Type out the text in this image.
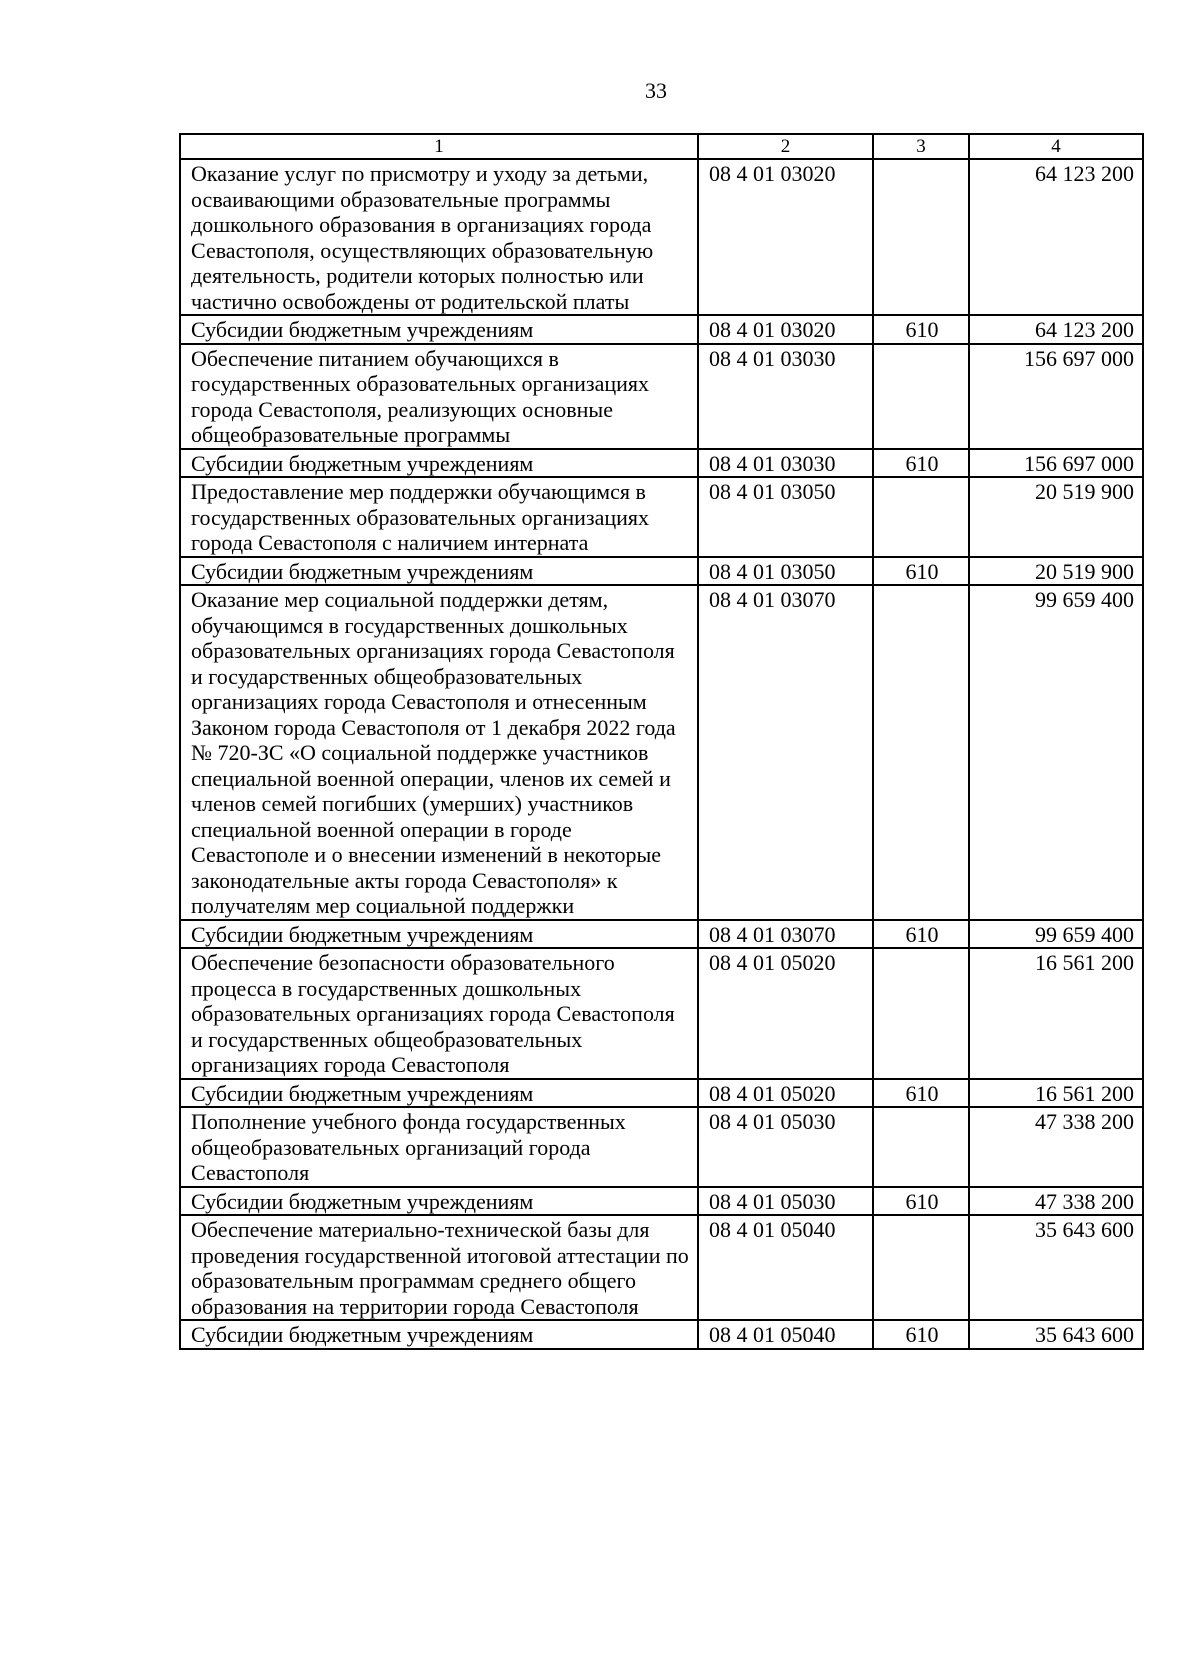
33
1	2	3	4
Оказание услуг по присмотру и уходу за детьми, осваивающими образовательные программы дошкольного образования в организациях города Севастополя, осуществляющих образовательную деятельность, родители которых полностью или частично освобождены от родительской платы	08 4 01 03020		64 123 200
Субсидии бюджетным учреждениям	08 4 01 03020	610	64 123 200
Обеспечение питанием обучающихся в государственных образовательных организациях города Севастополя, реализующих основные общеобразовательные программы	08 4 01 03030		156 697 000
Субсидии бюджетным учреждениям	08 4 01 03030	610	156 697 000
Предоставление мер поддержки обучающимся в государственных образовательных организациях города Севастополя с наличием интерната	08 4 01 03050		20 519 900
Субсидии бюджетным учреждениям	08 4 01 03050	610	20 519 900
Оказание мер социальной поддержки детям, обучающимся в государственных дошкольных образовательных организациях города Севастополя и государственных общеобразовательных организациях города Севастополя и отнесенным Законом города Севастополя от 1 декабря 2022 года № 720-ЗС «О социальной поддержке участников специальной военной операции, членов их семей и членов семей погибших (умерших) участников специальной военной операции в городе Севастополе и о внесении изменений в некоторые законодательные акты города Севастополя» к получателям мер социальной поддержки	08 4 01 03070		99 659 400
Субсидии бюджетным учреждениям	08 4 01 03070	610	99 659 400
Обеспечение безопасности образовательного процесса в государственных дошкольных образовательных организациях города Севастополя и государственных общеобразовательных организациях города Севастополя	08 4 01 05020		16 561 200
Субсидии бюджетным учреждениям	08 4 01 05020	610	16 561 200
Пополнение учебного фонда государственных общеобразовательных организаций города Севастополя	08 4 01 05030		47 338 200
Субсидии бюджетным учреждениям	08 4 01 05030	610	47 338 200
Обеспечение материально-технической базы для проведения государственной итоговой аттестации по образовательным программам среднего общего образования на территории города Севастополя	08 4 01 05040		35 643 600
Субсидии бюджетным учреждениям	08 4 01 05040	610	35 643 600
